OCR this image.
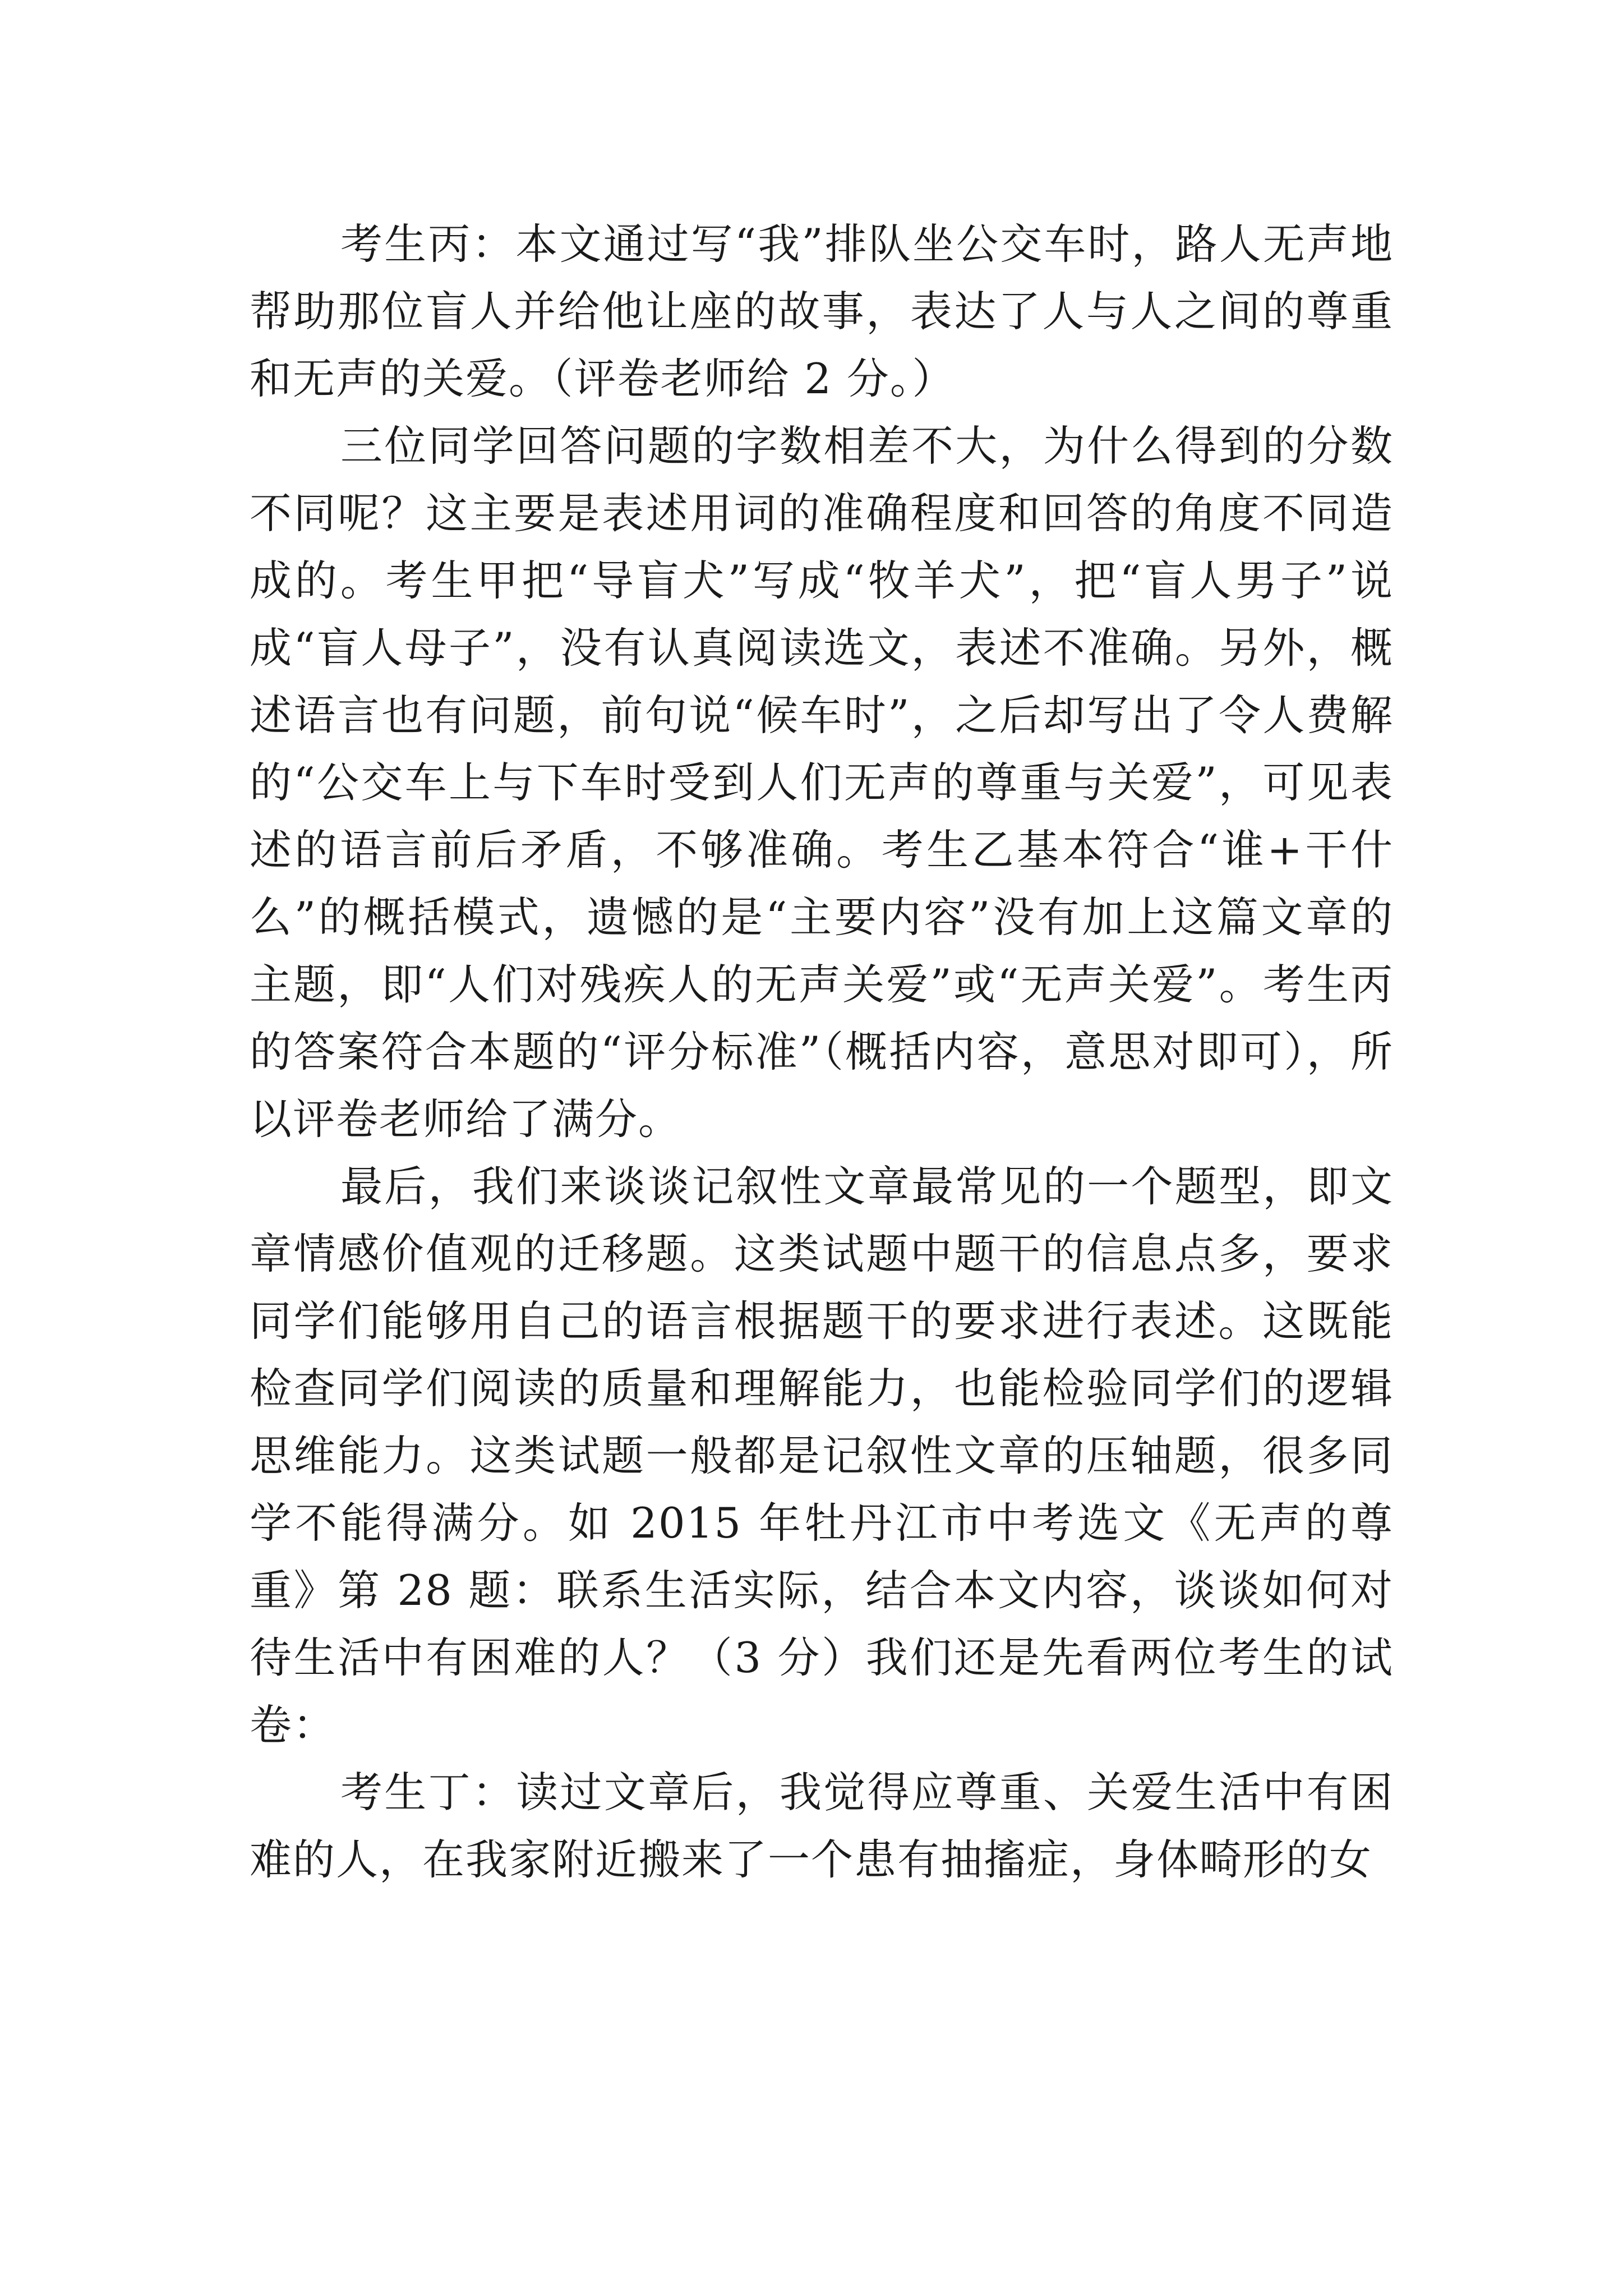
考生丙：本文通过写“我”排队坐公交车时，路人无声地帮助那位盲人并给他让座的故事，表达了人与人之间的尊重和无声的关爱。（评卷老师给 2 分。）

三位同学回答问题的字数相差不大，为什么得到的分数不同呢？这主要是表述用词的准确程度和回答的角度不同造成的。考生甲把“导盲犬”写成“牧羊犬”，把“盲人男子”说成“盲人母子”，没有认真阅读选文，表述不准确。另外，概述语言也有问题，前句说“候车时”，之后却写出了令人费解的“公交车上与下车时受到人们无声的尊重与关爱”，可见表述的语言前后矛盾，不够准确。考生乙基本符合“谁+干什么”的概括模式，遗憾的是“主要内容”没有加上这篇文章的主题，即“人们对残疾人的无声关爱”或“无声关爱”。考生丙的答案符合本题的“评分标准”（概括内容，意思对即可），所以评卷老师给了满分。

最后，我们来谈谈记叙性文章最常见的一个题型，即文章情感价值观的迁移题。这类试题中题干的信息点多，要求同学们能够用自己的语言根据题干的要求进行表述。这既能检查同学们阅读的质量和理解能力，也能检验同学们的逻辑思维能力。这类试题一般都是记叙性文章的压轴题，很多同学不能得满分。如 2015 年牡丹江市中考选文《无声的尊重》第 28 题：联系生活实际，结合本文内容，谈谈如何对待生活中有困难的人？（3 分）我们还是先看两位考生的试卷：

考生丁：读过文章后，我觉得应尊重、关爱生活中有困难的人，在我家附近搬来了一个患有抽搐症，身体畸形的女
